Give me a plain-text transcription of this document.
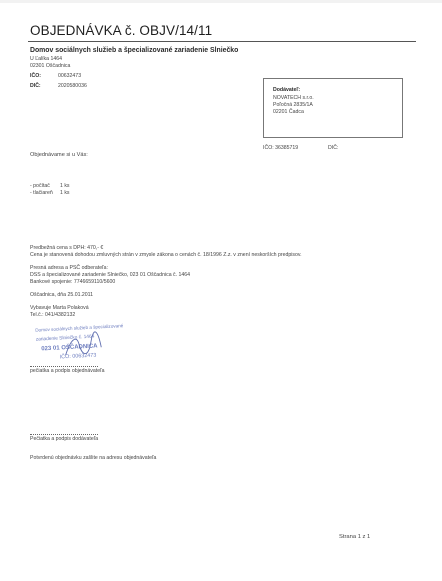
OBJEDNÁVKA č. OBJV/14/11
Domov sociálnych služieb a špecializované zariadenie Slniečko
U Ľalíka 1464
02301 Oščadnica
IČO:	00632473
DIČ:	2020580036
Dodávateľ:
NOVATECH s.r.o.
Poľočná 2835/1A
02201 Čadca
IČO: 36385719	DIČ:
Objednávame si u Vás:
- počítač 1 ks
- tlačiareň 1 ks
Predbežná cena s DPH: 470,- €
Cena je stanovená dohodou zmluvných strán v zmysle zákona o cenách č. 18/1996 Z.z. v znení neskorších predpisov.
Presná adresa a PSČ odberateľa:
DSS a špecializované zariadenie Slniečko, 023 01 Oščadnica č. 1464
Bankové spojenie: 7746659110/5600
Oščadnica, dňa 25.01.2011
Vybavuje Marta Polaková
Tel.č.: 041/4382132
Domov sociálnych služieb a špecializované
zariadenie Slniečko č. 1464
023 01 OŠČADNICA
IČO: 00632473
pečiatka a podpis objednávateľa
Pečiatka a podpis dodávateľa
Potvrdenú objednávku zašlite na adresu objednávateľa
Strana 1 z 1
